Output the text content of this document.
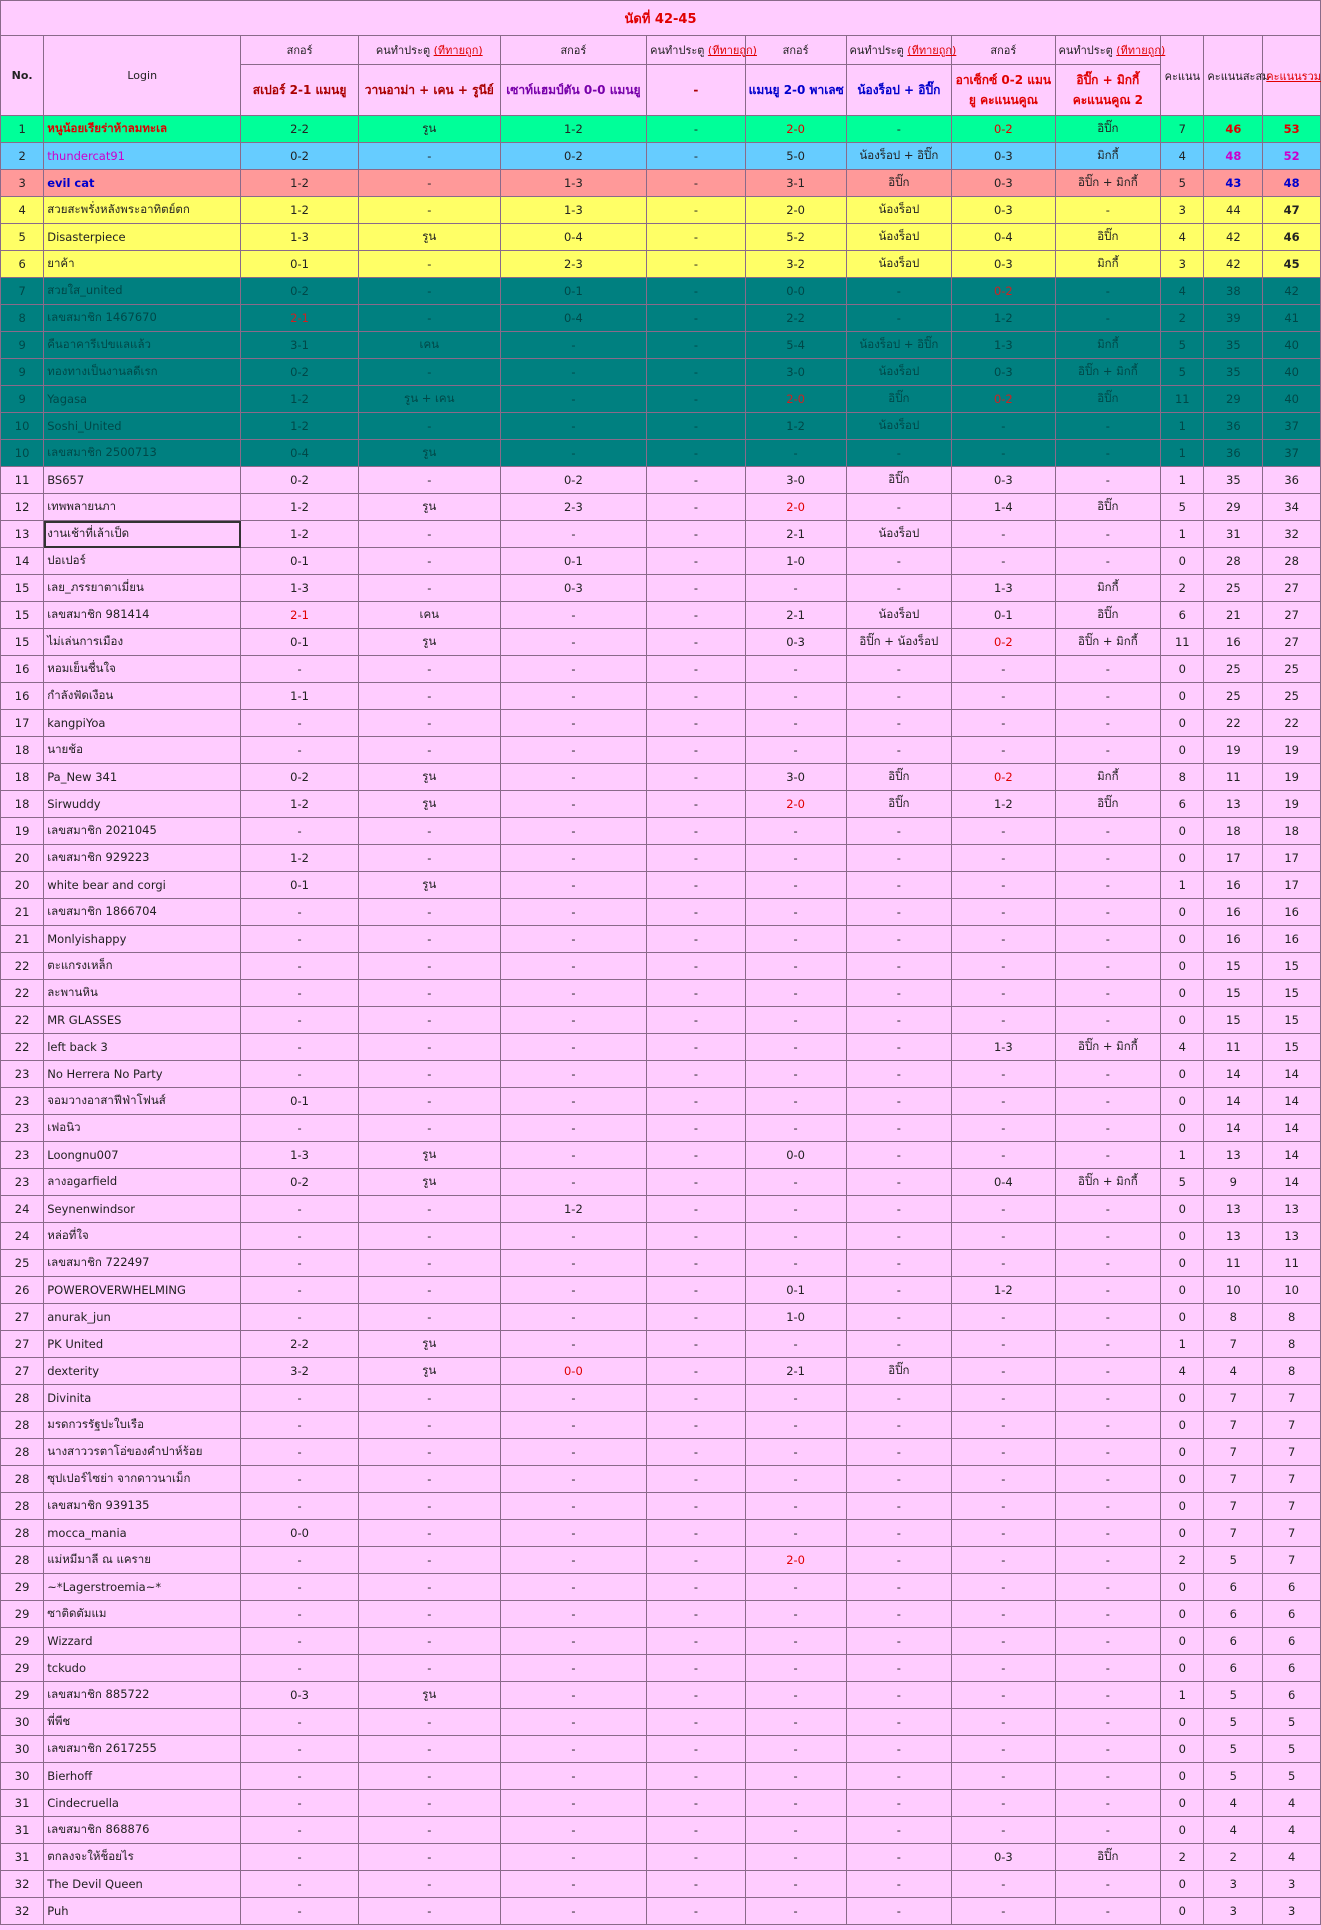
นัดที่ 42-45												
No.	Login	สกอร์	คนทำประตู (ทีทายถูก)	สกอร์	คนทำประตู (ทีทายถูก)	สกอร์	คนทำประตู (ทีทายถูก)	สกอร์	คนทำประตู (ทีทายถูก)	คะแนน	คะแนนสะสม	คะแนนรวม
		สเปอร์ 2-1 แมนยู	วานอาม่า + เคน + รูนีย์	เซาท์แฮมป์ตัน 0-0 แมนยู	-	แมนยู 2-0 พาเลซ	น้องร็อป + อิปิ๊ก	อาเซ็กซ์ 0-2 แมนยู คะแนนคูณ	อิปิ๊ก + มิกกี้ คะแนนคูณ 2			
1	หนูน้อยเรียร่าห้าลมทะเล	2-2	รูน	1-2	-	2-0	-	0-2	อิปิ๊ก	7	46	53
2	thundercat91	0-2	-	0-2	-	5-0	น้องร็อป + อิปิ๊ก	0-3	มิกกี้	4	48	52
3	evil cat	1-2	-	1-3	-	3-1	อิปิ๊ก	0-3	อิปิ๊ก + มิกกี้	5	43	48
4	สวยสะพรั่งหลังพระอาทิตย์ตก	1-2	-	1-3	-	2-0	น้องร็อป	0-3	-	3	44	47
5	Disasterpiece	1-3	รูน	0-4	-	5-2	น้องร็อป	0-4	อิปิ๊ก	4	42	46
6	ยาค้า	0-1	-	2-3	-	3-2	น้องร็อป	0-3	มิกกี้	3	42	45
7	สวยใส_united	0-2	-	0-1	-	0-0	-	0-2	-	4	38	42
8	เลขสมาชิก 1467670	2-1	-	0-4	-	2-2	-	1-2	-	2	39	41
9	คืนอาคารีเปขแลแล้ว	3-1	เคน	-	-	5-4	น้องร็อป + อิปิ๊ก	1-3	มิกกี้	5	35	40
9	ทองทางเป็นงานลดีเรก	0-2	-	-	-	3-0	น้องร็อป	0-3	อิปิ๊ก + มิกกี้	5	35	40
9	Yagasa	1-2	รูน + เคน	-	-	2-0	อิปิ๊ก	0-2	อิปิ๊ก	11	29	40
10	Soshi_United	1-2	-	-	-	1-2	น้องร็อป	-	-	1	36	37
10	เลขสมาชิก 2500713	0-4	รูน	-	-	-	-	-	-	1	36	37
11	BS657	0-2	-	0-2	-	3-0	อิปิ๊ก	0-3	-	1	35	36
12	เทพพลายนภา	1-2	รูน	2-3	-	2-0	-	1-4	อิปิ๊ก	5	29	34
13	งานเช้าที่เล้าเป็ด	1-2	-	-	-	2-1	น้องร็อป	-	-	1	31	32
14	ปอเปอร์	0-1	-	0-1	-	1-0	-	-	-	0	28	28
15	เลย_ภรรยาตาเมี่ยน	1-3	-	0-3	-	-	-	1-3	มิกกี้	2	25	27
15	เลขสมาชิก 981414	2-1	เคน	-	-	2-1	น้องร็อป	0-1	อิปิ๊ก	6	21	27
15	ไม่เล่นการเมือง	0-1	รูน	-	-	0-3	อิปิ๊ก + น้องร็อป	0-2	อิปิ๊ก + มิกกี้	11	16	27
16	หอมเย็นชื่นใจ	-	-	-	-	-	-	-	-	0	25	25
16	กำลังฟัดเงือน	1-1	-	-	-	-	-	-	-	0	25	25
17	kangpiYoa	-	-	-	-	-	-	-	-	0	22	22
18	นายช้อ	-	-	-	-	-	-	-	-	0	19	19
18	Pa_New 341	0-2	รูน	-	-	3-0	อิปิ๊ก	0-2	มิกกี้	8	11	19
18	Sirwuddy	1-2	รูน	-	-	2-0	อิปิ๊ก	1-2	อิปิ๊ก	6	13	19
19	เลขสมาชิก 2021045	-	-	-	-	-	-	-	-	0	18	18
20	เลขสมาชิก 929223	1-2	-	-	-	-	-	-	-	0	17	17
20	white bear and corgi	0-1	รูน	-	-	-	-	-	-	1	16	17
21	เลขสมาชิก 1866704	-	-	-	-	-	-	-	-	0	16	16
21	Monlyishappy	-	-	-	-	-	-	-	-	0	16	16
22	ตะแกรงเหล็ก	-	-	-	-	-	-	-	-	0	15	15
22	ละพานหิน	-	-	-	-	-	-	-	-	0	15	15
22	MR GLASSES	-	-	-	-	-	-	-	-	0	15	15
22	left back 3	-	-	-	-	-	-	1-3	อิปิ๊ก + มิกกี้	4	11	15
23	No Herrera No Party	-	-	-	-	-	-	-	-	0	14	14
23	จอมวางอาสาฟีฟ่าโฟนส์	0-1	-	-	-	-	-	-	-	0	14	14
23	เฟอนิว	-	-	-	-	-	-	-	-	0	14	14
23	Loongnu007	1-3	รูน	-	-	0-0	-	-	-	1	13	14
23	ลางอgarfield	0-2	รูน	-	-	-	-	0-4	อิปิ๊ก + มิกกี้	5	9	14
24	Seynenwindsor	-	-	1-2	-	-	-	-	-	0	13	13
24	หล่อที่ใจ	-	-	-	-	-	-	-	-	0	13	13
25	เลขสมาชิก 722497	-	-	-	-	-	-	-	-	0	11	11
26	POWEROVERWHELMING	-	-	-	-	0-1	-	1-2	-	0	10	10
27	anurak_jun	-	-	-	-	1-0	-	-	-	0	8	8
27	PK United	2-2	รูน	-	-	-	-	-	-	1	7	8
27	dexterity	3-2	รูน	0-0	-	2-1	อิปิ๊ก	-	-	4	4	8
28	Divinita	-	-	-	-	-	-	-	-	0	7	7
28	มรดกวรรัฐปะใบเรือ	-	-	-	-	-	-	-	-	0	7	7
28	นางสาววรตาโอ่ของคำปาห์ร้อย	-	-	-	-	-	-	-	-	0	7	7
28	ซุปเปอร์ไซย่า จากดาวนาเม็ก	-	-	-	-	-	-	-	-	0	7	7
28	เลขสมาชิก 939135	-	-	-	-	-	-	-	-	0	7	7
28	mocca_mania	0-0	-	-	-	-	-	-	-	0	7	7
28	แม่หมีมาลี ณ แคราย	-	-	-	-	2-0	-	-	-	2	5	7
29	~*Lagerstroemia~*	-	-	-	-	-	-	-	-	0	6	6
29	ซาติดตัมแม	-	-	-	-	-	-	-	-	0	6	6
29	Wizzard	-	-	-	-	-	-	-	-	0	6	6
29	tckudo	-	-	-	-	-	-	-	-	0	6	6
29	เลขสมาชิก 885722	0-3	รูน	-	-	-	-	-	-	1	5	6
30	พี่พีช	-	-	-	-	-	-	-	-	0	5	5
30	เลขสมาชิก 2617255	-	-	-	-	-	-	-	-	0	5	5
30	Bierhoff	-	-	-	-	-	-	-	-	0	5	5
31	Cindecruella	-	-	-	-	-	-	-	-	0	4	4
31	เลขสมาชิก 868876	-	-	-	-	-	-	-	-	0	4	4
31	ตกลงจะให้ช็อยไร	-	-	-	-	-	-	0-3	อิปิ๊ก	2	2	4
32	The Devil Queen	-	-	-	-	-	-	-	-	0	3	3
32	Puh	-	-	-	-	-	-	-	-	0	3	3
